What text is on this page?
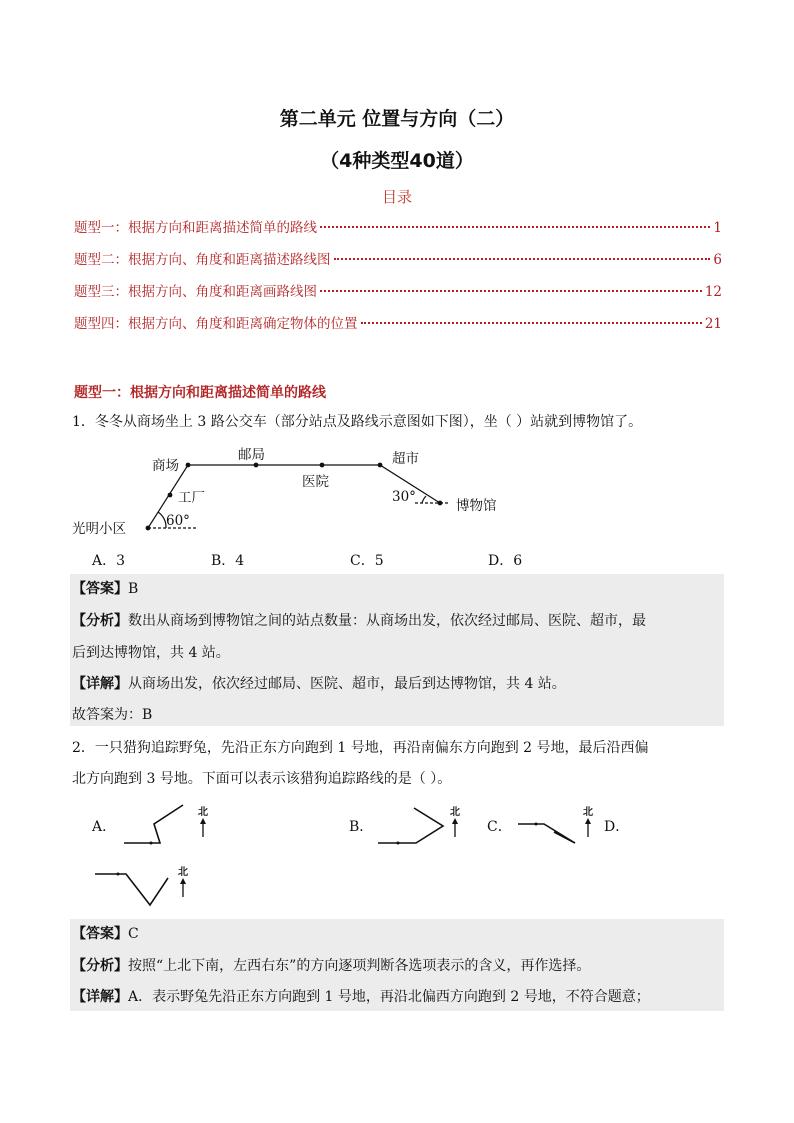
第二单元 位置与方向（二）
（4种类型40道）
目录
题型一：根据方向和距离描述简单的路线	1
题型二：根据方向、角度和距离描述路线图	6
题型三：根据方向、角度和距离画路线图	12
题型四：根据方向、角度和距离确定物体的位置	21
题型一：根据方向和距离描述简单的路线
1．冬冬从商场坐上 3 路公交车（部分站点及路线示意图如下图），坐（ ）站就到博物馆了。
商场
邮局	超市
医院
工厂	30°
博物馆
光明小区	60°
A．3	B．4	C．5	D．6
【答案】B
【分析】数出从商场到博物馆之间的站点数量：从商场出发，依次经过邮局、医院、超市，最
后到达博物馆，共 4 站。
【详解】从商场出发，依次经过邮局、医院、超市，最后到达博物馆，共 4 站。
故答案为：B
2．一只猎狗追踪野兔，先沿正东方向跑到 1 号地，再沿南偏东方向跑到 2 号地，最后沿西偏
北方向跑到 3 号地。下面可以表示该猎狗追踪路线的是（ ）。
A．	B．	C．	D．
北	北	北
北
【答案】C
【分析】按照“上北下南，左西右东”的方向逐项判断各选项表示的含义，再作选择。
【详解】A．表示野兔先沿正东方向跑到 1 号地，再沿北偏西方向跑到 2 号地，不符合题意；
